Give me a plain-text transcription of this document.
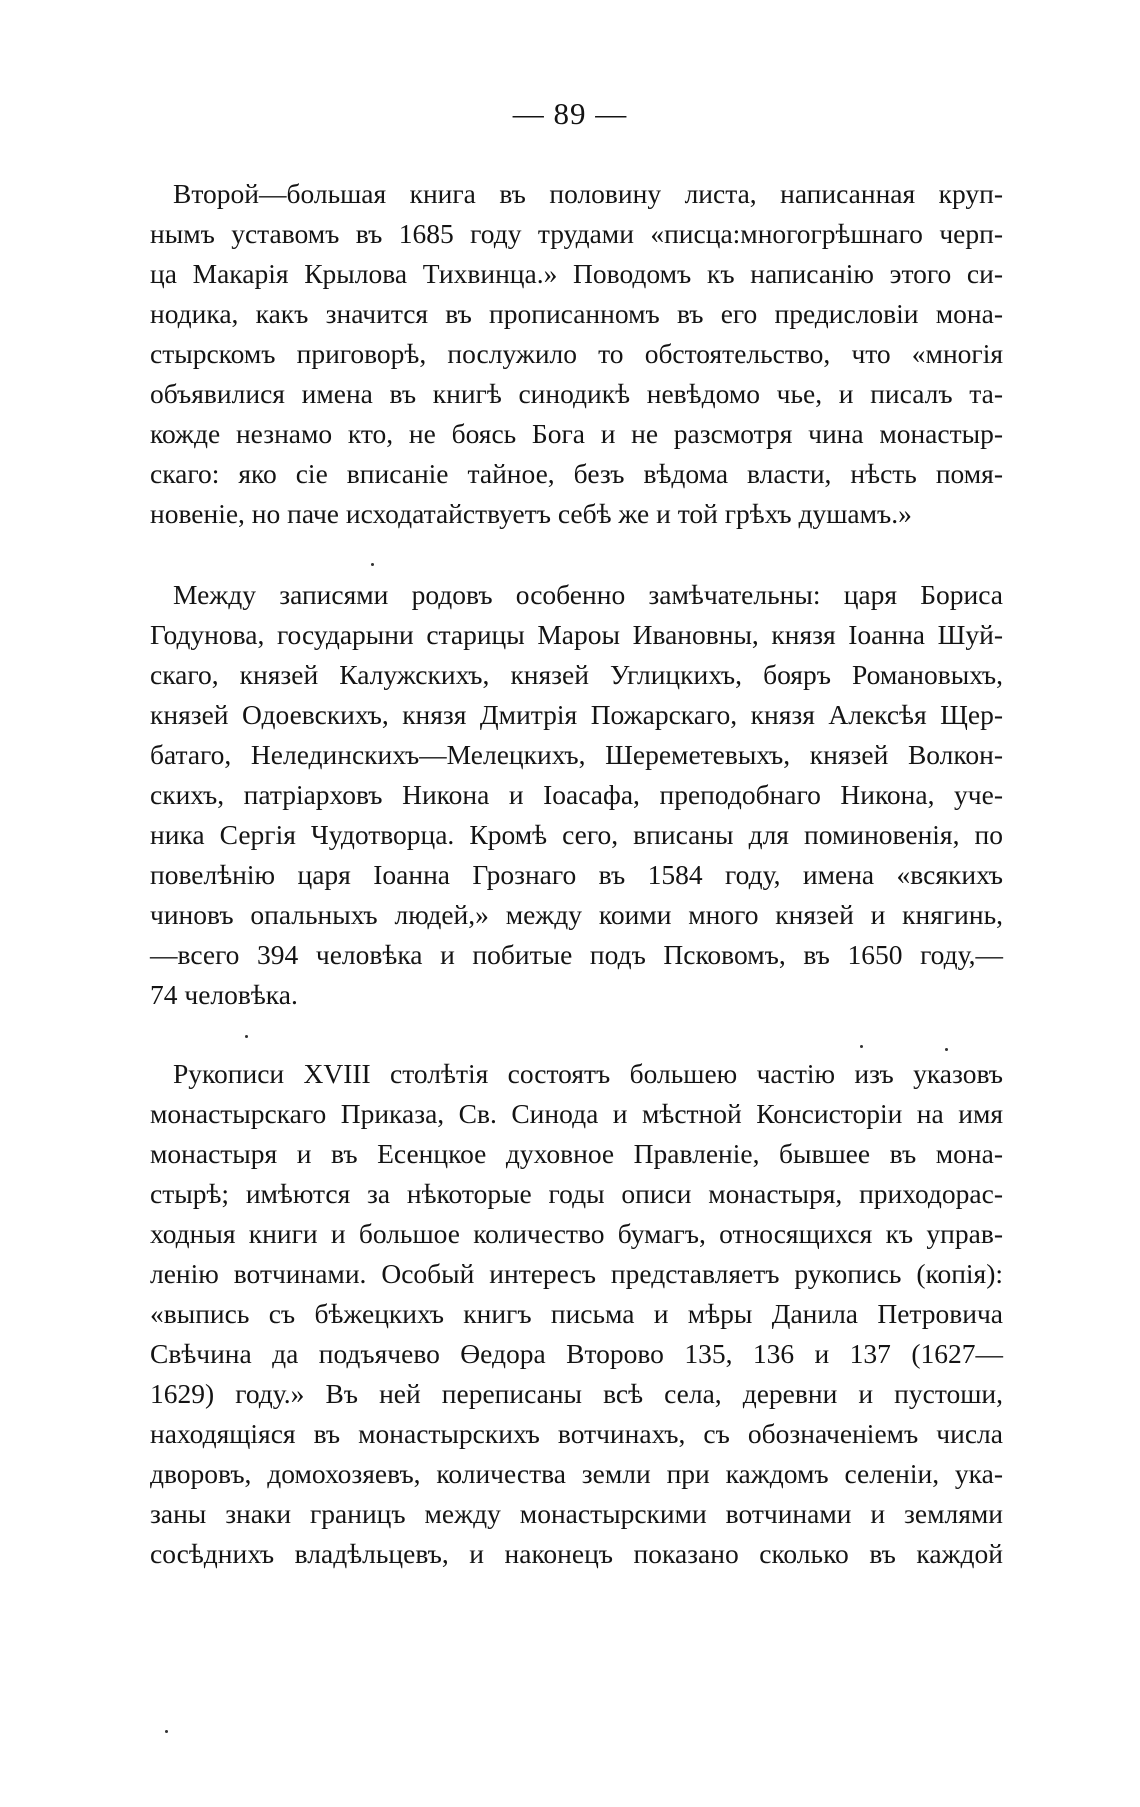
— 89 —
Второй—большая книга въ половину листа, написанная круп-
нымъ уставомъ въ 1685 году трудами «писца:многогрѣшнаго черп-
ца Макарія Крылова Тихвинца.» Поводомъ къ написанію этого си-
нодика, какъ значится въ прописанномъ въ его предисловіи мона-
стырскомъ приговорѣ, послужило то обстоятельство, что «многія
объявилися имена въ книгѣ синодикѣ невѣдомо чье, и писалъ та-
кожде незнамо кто, не боясь Бога и не разсмотря чина монастыр-
скаго: яко сіе вписаніе тайное, безъ вѣдома власти, нѣсть помя-
новеніе, но паче исходатайствуетъ себѣ же и той грѣхъ душамъ.»
Между записями родовъ особенно замѣчательны: царя Бориса
Годунова, государыни старицы Мароы Ивановны, князя Іоанна Шуй-
скаго, князей Калужскихъ, князей Углицкихъ, бояръ Романовыхъ,
князей Одоевскихъ, князя Дмитрія Пожарскаго, князя Алексѣя Щер-
батаго, Нелединскихъ—Мелецкихъ, Шереметевыхъ, князей Волкон-
скихъ, патріарховъ Никона и Іоасафа, преподобнаго Никона, уче-
ника Сергія Чудотворца. Кромѣ сего, вписаны для поминовенія, по
повелѣнію царя Іоанна Грознаго въ 1584 году, имена «всякихъ
чиновъ опальныхъ людей,» между коими много князей и княгинь,
—всего 394 человѣка и побитые подъ Псковомъ, въ 1650 году,—
74 человѣка.
Рукописи XVIII столѣтія состоятъ большею частію изъ указовъ
монастырскаго Приказа, Св. Синода и мѣстной Консисторіи на имя
монастыря и въ Есенцкое духовное Правленіе, бывшее въ мона-
стырѣ; имѣются за нѣкоторые годы описи монастыря, приходорас-
ходныя книги и большое количество бумагъ, относящихся къ управ-
ленію вотчинами. Особый интересъ представляетъ рукопись (копія):
«выпись съ бѣжецкихъ книгъ письма и мѣры Данила Петровича
Свѣчина да подъячево Өедора Второво 135, 136 и 137 (1627—
1629) году.» Въ ней переписаны всѣ села, деревни и пустоши,
находящіяся въ монастырскихъ вотчинахъ, съ обозначеніемъ числа
дворовъ, домохозяевъ, количества земли при каждомъ селеніи, ука-
заны знаки границъ между монастырскими вотчинами и землями
сосѣднихъ владѣльцевъ, и наконецъ показано сколько въ каждой
